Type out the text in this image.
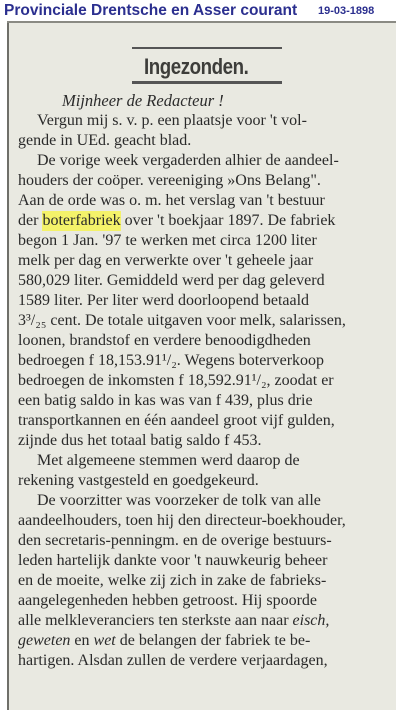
Provinciale Drentsche en Asser courant 19-03-1898
Ingezonden.
Mijnheer de Redacteur !
Vergun mij s. v. p. een plaatsje voor 't vol-
gende in UEd. geacht blad.
De vorige week vergaderden alhier de aandeel-
houders der coöper. vereeniging »Ons Belang".
Aan de orde was o. m. het verslag van 't bestuur
der boterfabriek over 't boekjaar 1897. De fabriek
begon 1 Jan. '97 te werken met circa 1200 liter
melk per dag en verwerkte over 't geheele jaar
580,029 liter. Gemiddeld werd per dag geleverd
1589 liter. Per liter werd doorloopend betaald
3³/₂₅ cent. De totale uitgaven voor melk, salarissen,
loonen, brandstof en verdere benoodigdheden
bedroegen f 18,153.91¹/₂. Wegens boterverkoop
bedroegen de inkomsten f 18,592.91¹/₂, zoodat er
een batig saldo in kas was van f 439, plus drie
transportkannen en één aandeel groot vijf gulden,
zijnde dus het totaal batig saldo f 453.
Met algemeene stemmen werd daarop de
rekening vastgesteld en goedgekeurd.
De voorzitter was voorzeker de tolk van alle
aandeelhouders, toen hij den directeur-boekhouder,
den secretaris-penningm. en de overige bestuurs-
leden hartelijk dankte voor 't nauwkeurig beheer
en de moeite, welke zij zich in zake de fabrieks-
aangelegenheden hebben getroost. Hij spoorde
alle melkleveranciers ten sterkste aan naar eisch,
geweten en wet de belangen der fabriek te be-
hartigen. Alsdan zullen de verdere verjaardagen,
